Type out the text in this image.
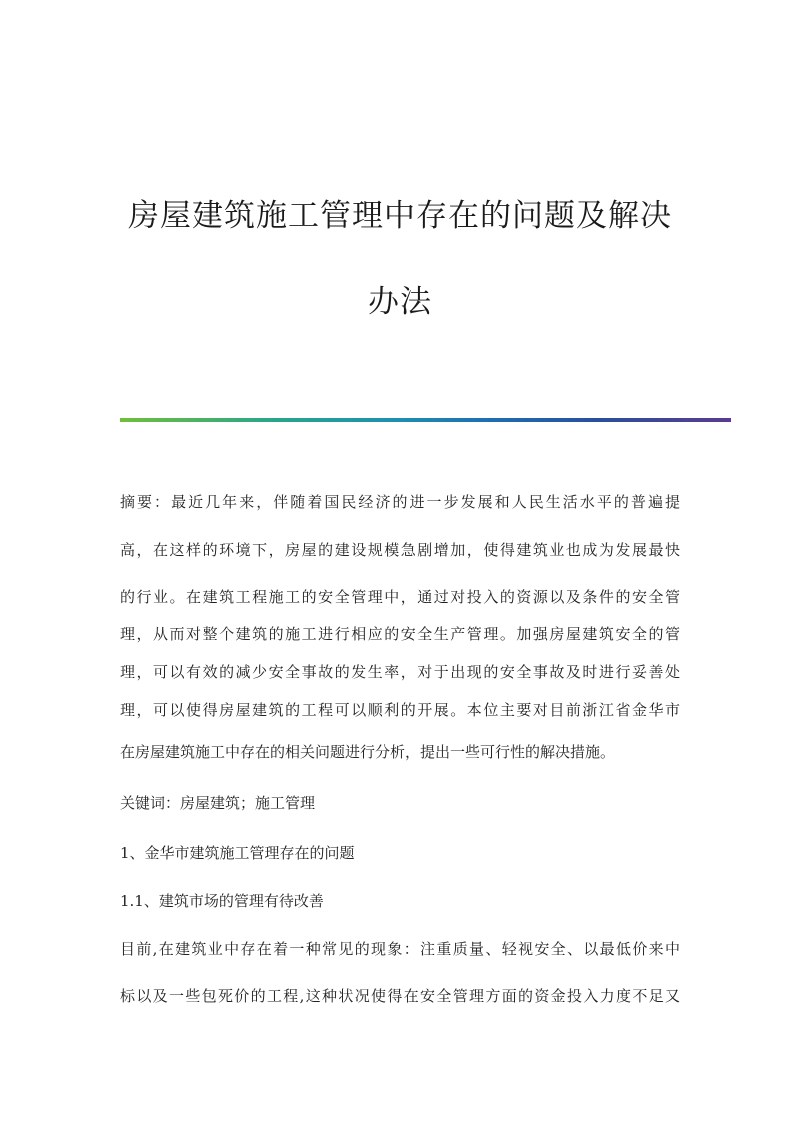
房屋建筑施工管理中存在的问题及解决
办法
摘要：最近几年来，伴随着国民经济的进一步发展和人民生活水平的普遍提
高，在这样的环境下，房屋的建设规模急剧增加，使得建筑业也成为发展最快
的行业。在建筑工程施工的安全管理中，通过对投入的资源以及条件的安全管
理，从而对整个建筑的施工进行相应的安全生产管理。加强房屋建筑安全的管
理，可以有效的减少安全事故的发生率，对于出现的安全事故及时进行妥善处
理，可以使得房屋建筑的工程可以顺利的开展。本位主要对目前浙江省金华市
在房屋建筑施工中存在的相关问题进行分析，提出一些可行性的解决措施。
关键词：房屋建筑；施工管理
1、金华市建筑施工管理存在的问题
1.1、建筑市场的管理有待改善
目前,在建筑业中存在着一种常见的现象：注重质量、轻视安全、以最低价来中
标以及一些包死价的工程,这种状况使得在安全管理方面的资金投入力度不足又
